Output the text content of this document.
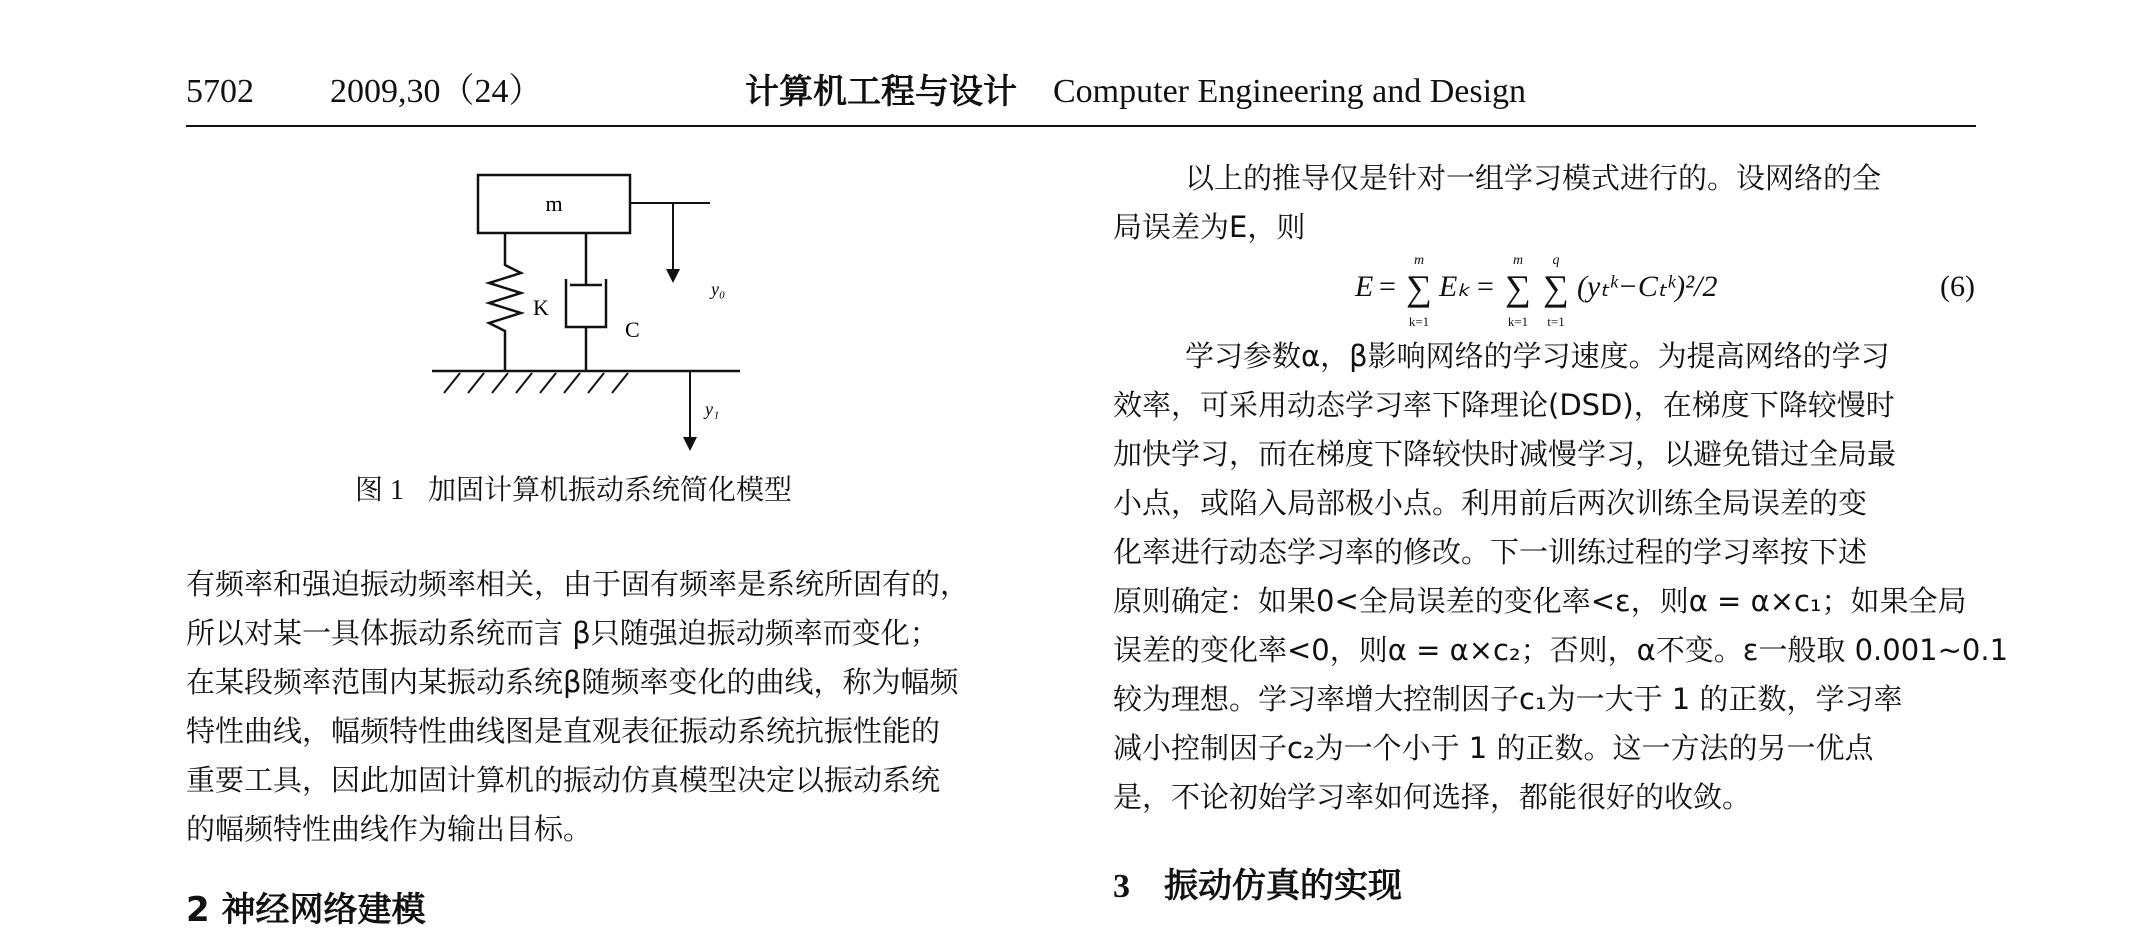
5702 2009,30（24）	计算机工程与设计 Computer Engineering and Design
m
y₀
K
C
y₁
图 1 加固计算机振动系统简化模型
有频率和强迫振动频率相关，由于固有频率是系统所固有的，
所以对某一具体振动系统而言 β只随强迫振动频率而变化；
在某段频率范围内某振动系统β随频率变化的曲线，称为幅频
特性曲线，幅频特性曲线图是直观表征振动系统抗振性能的
重要工具，因此加固计算机的振动仿真模型决定以振动系统
的幅频特性曲线作为输出目标。
2 神经网络建模
以上的推导仅是针对一组学习模式进行的。设网络的全
局误差为E，则
E =
m
∑
k=1
Eₖ =
m
∑
k=1
q
∑
t=1
(yₜᵏ−Cₜᵏ)²/2	(6)
学习参数α，β影响网络的学习速度。为提高网络的学习
效率，可采用动态学习率下降理论(DSD)，在梯度下降较慢时
加快学习，而在梯度下降较快时减慢学习，以避免错过全局最
小点，或陷入局部极小点。利用前后两次训练全局误差的变
化率进行动态学习率的修改。下一训练过程的学习率按下述
原则确定：如果0<全局误差的变化率<ε，则α = α×c₁；如果全局
误差的变化率<0，则α = α×c₂；否则，α不变。ε一般取 0.001~0.1
较为理想。学习率增大控制因子c₁为一大于 1 的正数，学习率
减小控制因子c₂为一个小于 1 的正数。这一方法的另一优点
是，不论初始学习率如何选择，都能很好的收敛。
3 振动仿真的实现
